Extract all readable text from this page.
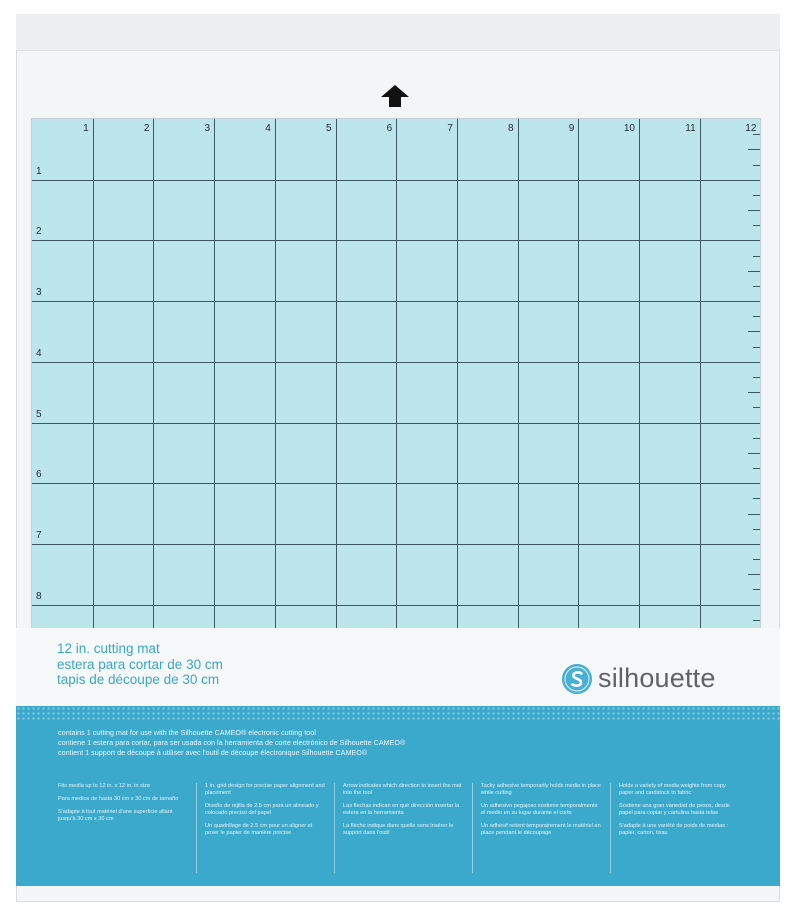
1	2	3	4	5	6	7	8	9	10	11	12
1
2
3
4
5
6
7
8
12 in. cutting mat
estera para cortar de 30 cm
tapis de découpe de 30 cm	silhouette
contains 1 cutting mat for use with the Silhouette CAMEO® electronic cutting tool
contiene 1 estera para cortar, para ser usada con la herramienta de corte electrónico de Silhouette CAMEO®
contient 1 support de découpe à utiliser avec l'outil de découpe électronique Silhouette CAMEO®

Fits media up to 12 in. x 12 in. in size

Para medios de hasta 30 cm x 30 cm de tamaño

S'adapte à tout matériel d'une superficie allant jusqu'à 30 cm x 30 cm

1 in. grid design for precise paper alignment and placement

Diseño de rejilla de 2.5 cm para un alineado y colocado preciso del papel

Un quadrillage de 2.5 cm pour un aligner et poser le papier de manière précise

Arrow indicates which direction to insert the mat into the tool

Las flechas indican en qué dirección insertar la estera en la herramienta

La flèche indique dans quelle sens insérer le support dans l'outil

Tacky adhesive temporarily holds media in place while cutting

Un adhesivo pegajoso sostiene temporalmente el medio en su lugar durante el corte

Un adhésif retient temporairement le matériel en place pendant le découpage

Holds a variety of media weights from copy paper and cardstock to fabric

Sostiene una gran variedad de pesos, desde papel para copiar y cartulina hasta telas

S'adapte à une variété de poids de médias : papier, carton, tissu
